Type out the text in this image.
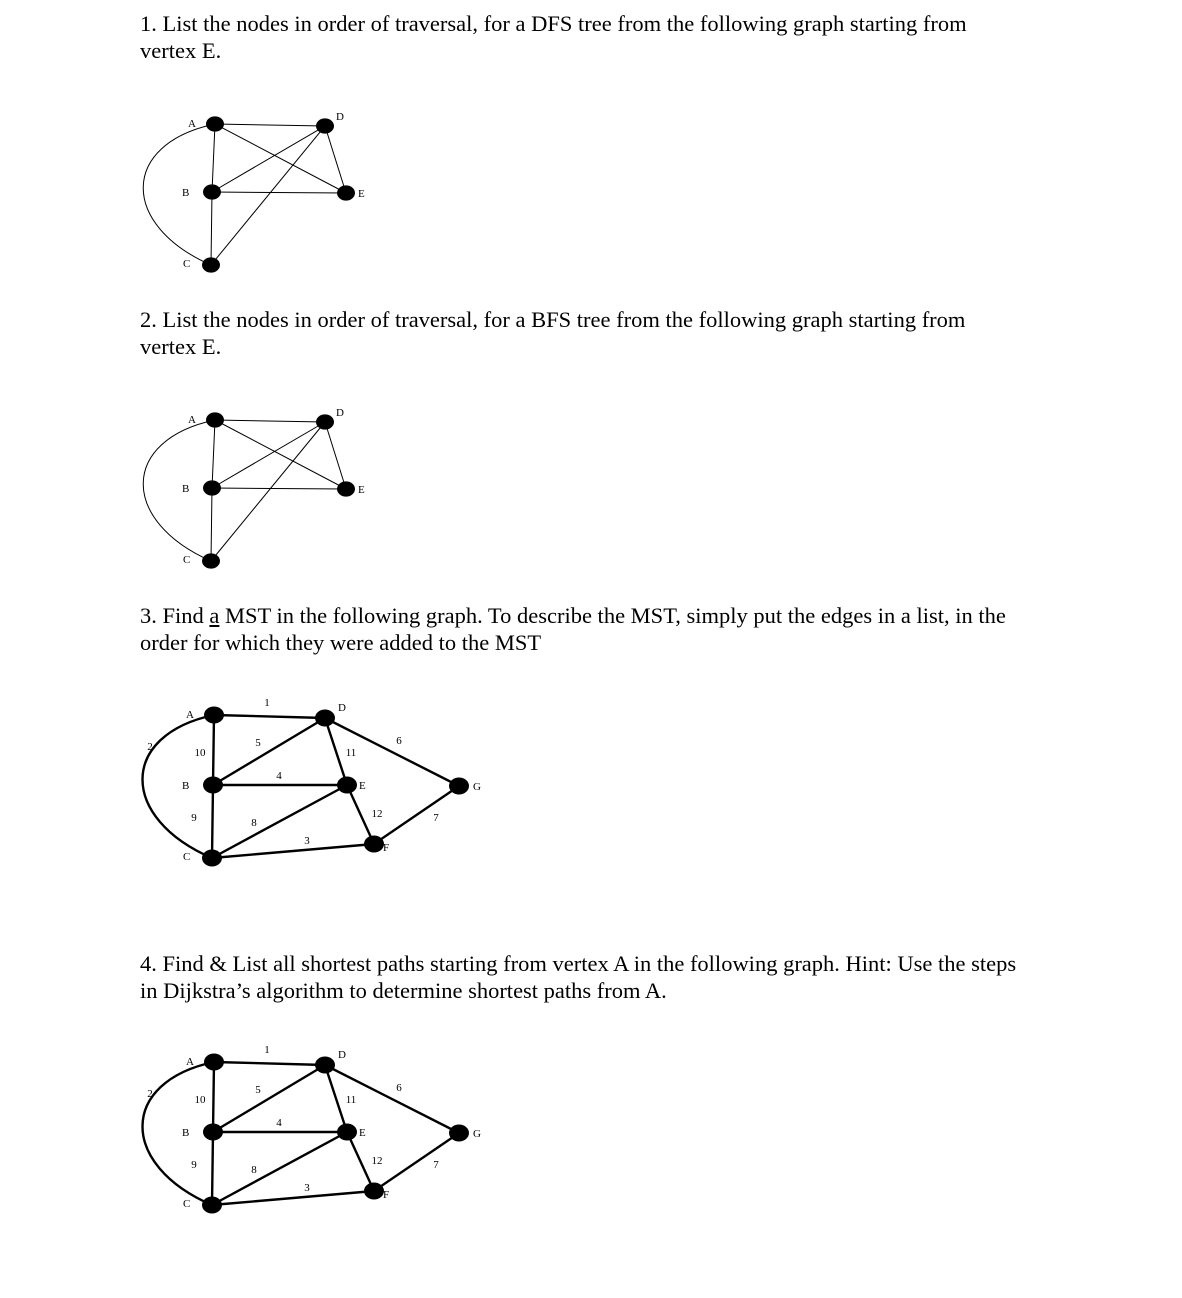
1. List the nodes in order of traversal, for a DFS tree from the following graph starting from vertex E.

A
B
C
D
E

2. List the nodes in order of traversal, for a BFS tree from the following graph starting from vertex E.

A
B
C
D
E

3. Find a MST in the following graph. To describe the MST, simply put the edges in a list, in the order for which they were added to the MST

1
2	10
5
4
9	8
3
11
6
12	7
A
B
C
D
E
F
G

4. Find & List all shortest paths starting from vertex A in the following graph. Hint: Use the steps in Dijkstra’s algorithm to determine shortest paths from A.

1
2	10
5
4
9	8
3
11
6
12	7
A
B
C
D
E
F
G
